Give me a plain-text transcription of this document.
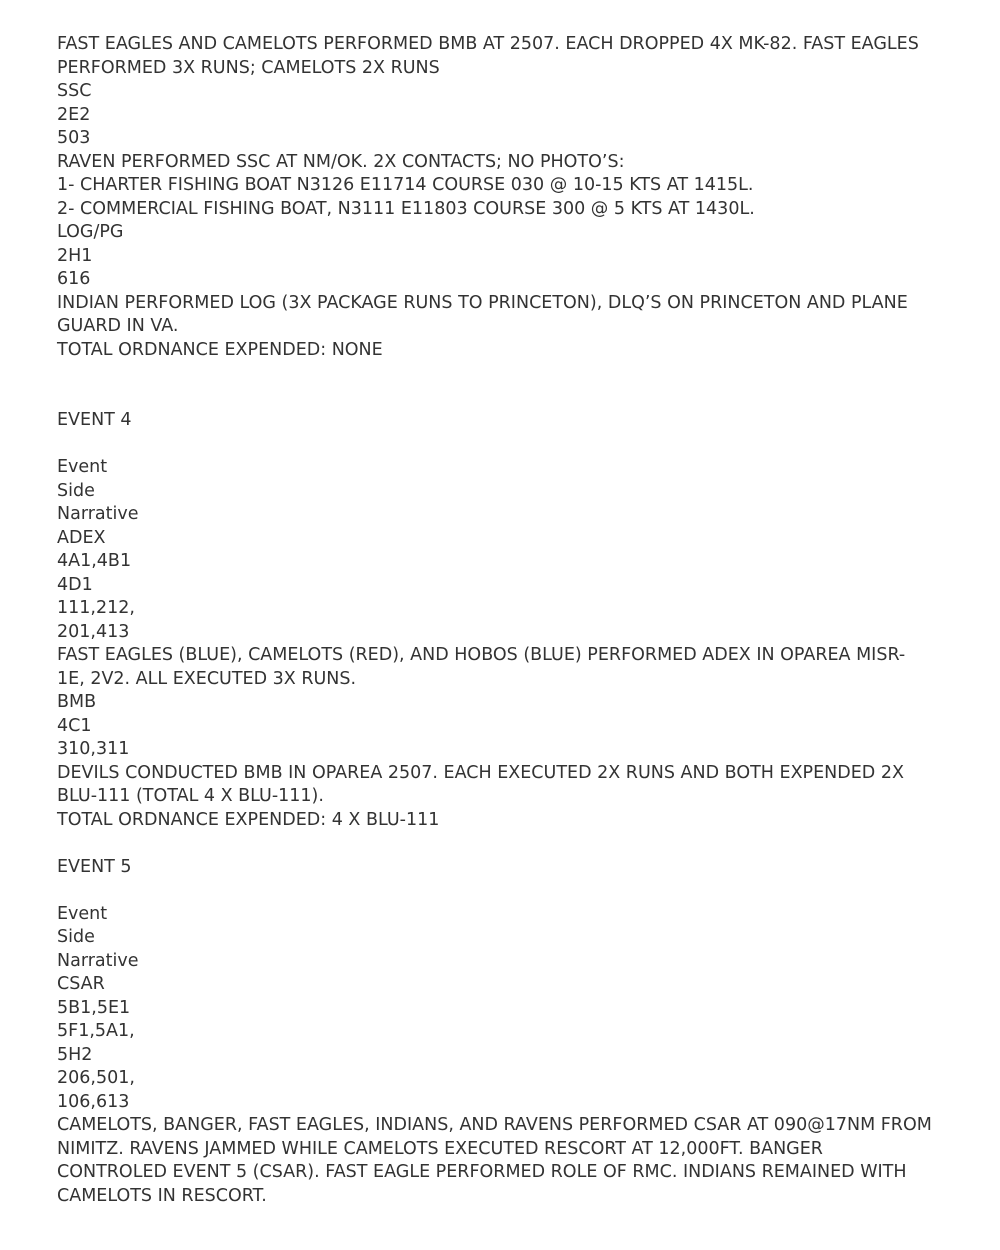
FAST EAGLES AND CAMELOTS PERFORMED BMB AT 2507. EACH DROPPED 4X MK-82. FAST EAGLES

PERFORMED 3X RUNS; CAMELOTS 2X RUNS

SSC

2E2

503

RAVEN PERFORMED SSC AT NM/OK. 2X CONTACTS; NO PHOTO’S:

1- CHARTER FISHING BOAT N3126 E11714 COURSE 030 @ 10-15 KTS AT 1415L.

2- COMMERCIAL FISHING BOAT, N3111 E11803 COURSE 300 @ 5 KTS AT 1430L.

LOG/PG

2H1

616

INDIAN PERFORMED LOG (3X PACKAGE RUNS TO PRINCETON), DLQ’S ON PRINCETON AND PLANE

GUARD IN VA.

TOTAL ORDNANCE EXPENDED: NONE

EVENT 4

Event

Side

Narrative

ADEX

4A1,4B1

4D1

111,212,

201,413

FAST EAGLES (BLUE), CAMELOTS (RED), AND HOBOS (BLUE) PERFORMED ADEX IN OPAREA MISR-

1E, 2V2. ALL EXECUTED 3X RUNS.

BMB

4C1

310,311

DEVILS CONDUCTED BMB IN OPAREA 2507. EACH EXECUTED 2X RUNS AND BOTH EXPENDED 2X

BLU-111 (TOTAL 4 X BLU-111).

TOTAL ORDNANCE EXPENDED: 4 X BLU-111

EVENT 5

Event

Side

Narrative

CSAR

5B1,5E1

5F1,5A1,

5H2

206,501,

106,613

CAMELOTS, BANGER, FAST EAGLES, INDIANS, AND RAVENS PERFORMED CSAR AT 090@17NM FROM

NIMITZ. RAVENS JAMMED WHILE CAMELOTS EXECUTED RESCORT AT 12,000FT. BANGER

CONTROLED EVENT 5 (CSAR). FAST EAGLE PERFORMED ROLE OF RMC. INDIANS REMAINED WITH

CAMELOTS IN RESCORT.
